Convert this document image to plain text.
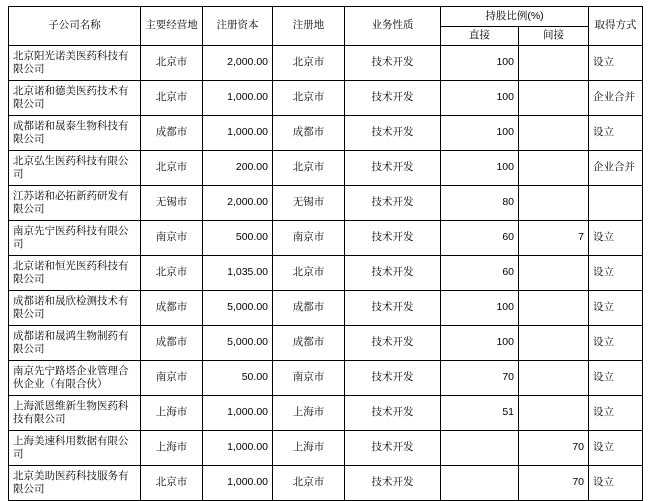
子公司名称	主要经营地	注册资本	注册地	业务性质	持股比例(%)		取得方式
					直接	间接	
北京阳光诺美医药科技有限公司	北京市	2,000.00	北京市	技术开发	100		设立
北京诺和德美医药技术有限公司	北京市	1,000.00	北京市	技术开发	100		企业合并
成都诺和晟泰生物科技有限公司	成都市	1,000.00	成都市	技术开发	100		设立
北京弘生医药科技有限公司	北京市	200.00	北京市	技术开发	100		企业合并
江苏诺和必拓新药研发有限公司	无锡市	2,000.00	无锡市	技术开发	80		
南京先宁医药科技有限公司	南京市	500.00	南京市	技术开发	60	7	设立
北京诺和恒光医药科技有限公司	北京市	1,035.00	北京市	技术开发	60		设立
成都诺和晟欣检测技术有限公司	成都市	5,000.00	成都市	技术开发	100		设立
成都诺和晟鸿生物制药有限公司	成都市	5,000.00	成都市	技术开发	100		设立
南京先宁路塔企业管理合伙企业（有限合伙）	南京市	50.00	南京市	技术开发	70		设立
上海派恩维新生物医药科技有限公司	上海市	1,000.00	上海市	技术开发	51		设立
上海美速科用数据有限公司	上海市	1,000.00	上海市	技术开发		70	设立
北京美助医药科技服务有限公司	北京市	1,000.00	北京市	技术开发		70	设立
